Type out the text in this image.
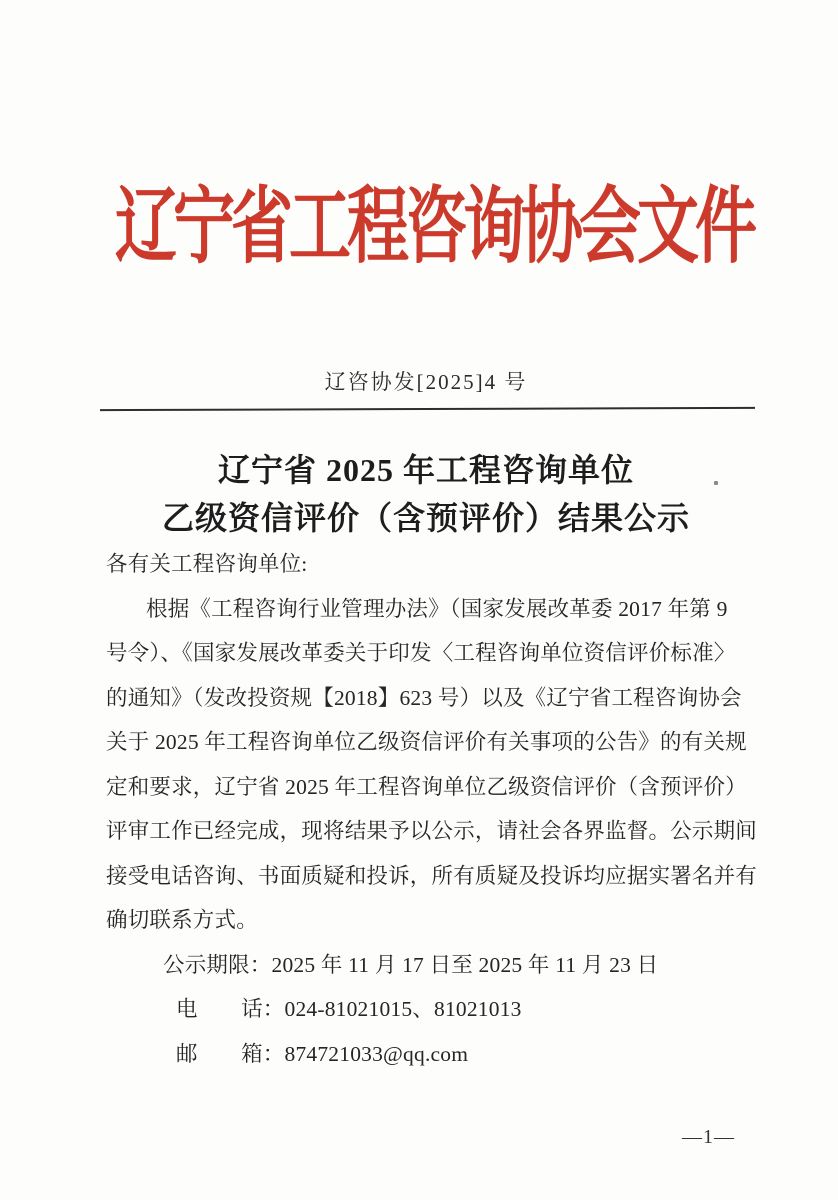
辽宁省工程咨询协会文件
辽咨协发[2025]4 号
辽宁省 2025 年工程咨询单位
乙级资信评价（含预评价）结果公示
各有关工程咨询单位:
根据《工程咨询行业管理办法》（国家发展改革委 2017 年第 9
号令）、《国家发展改革委关于印发〈工程咨询单位资信评价标准〉
的通知》（发改投资规【2018】623 号）以及《辽宁省工程咨询协会
关于 2025 年工程咨询单位乙级资信评价有关事项的公告》的有关规
定和要求，辽宁省 2025 年工程咨询单位乙级资信评价（含预评价）
评审工作已经完成，现将结果予以公示，请社会各界监督。公示期间
接受电话咨询、书面质疑和投诉，所有质疑及投诉均应据实署名并有
确切联系方式。
公示期限：2025 年 11 月 17 日至 2025 年 11 月 23 日
电　　话：024-81021015、81021013
邮　　箱：874721033@qq.com
—1—
